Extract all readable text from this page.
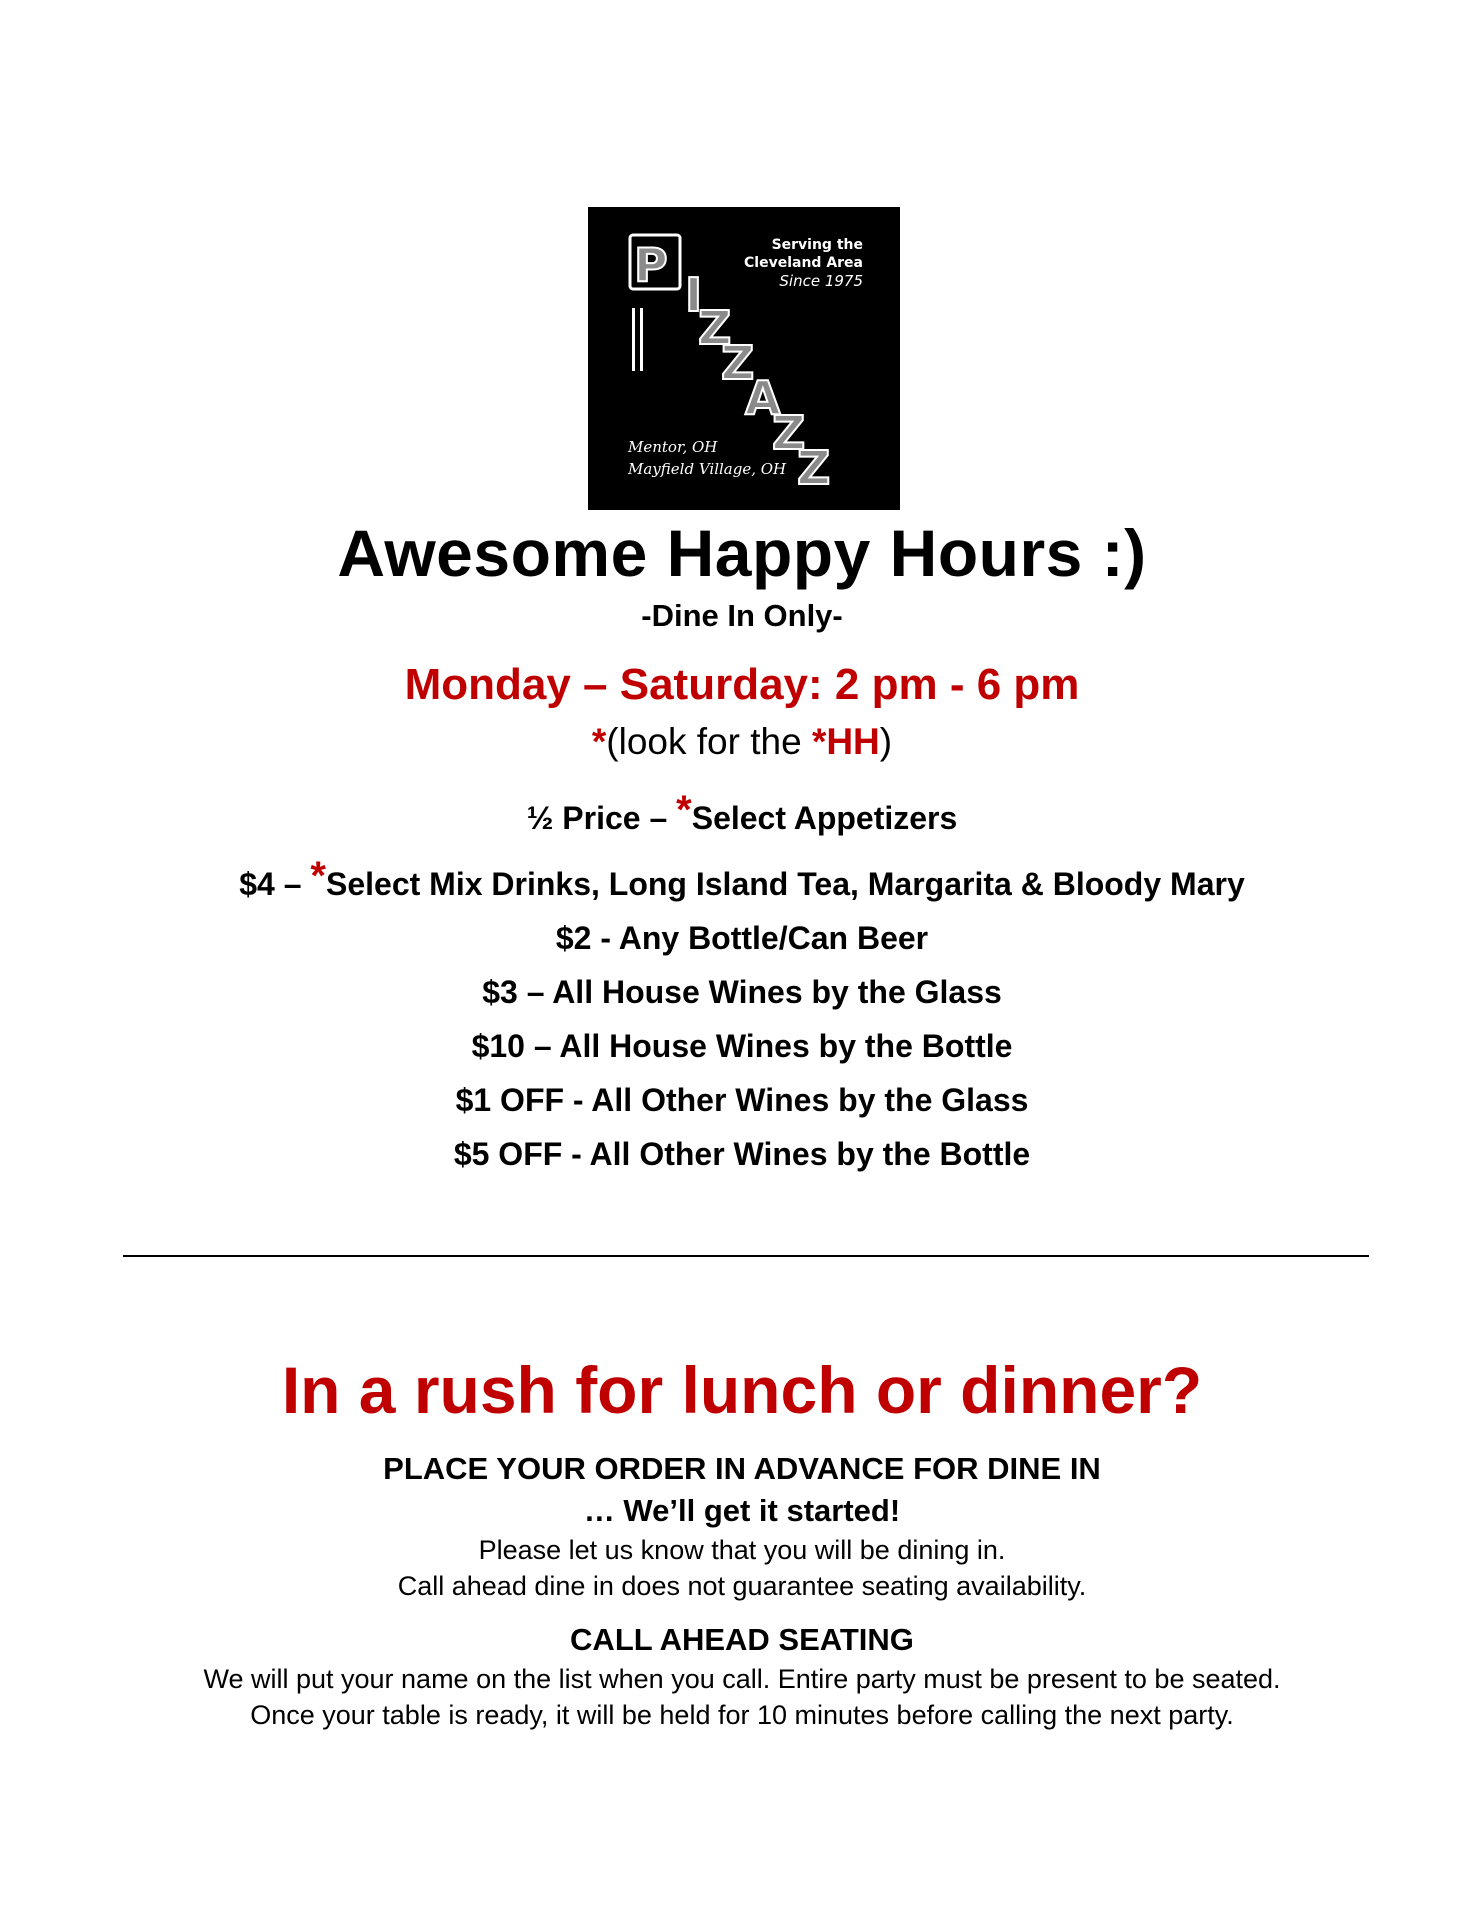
P
I
Z
Z
A
Z
Z
Serving the
Cleveland Area
Since 1975
Mentor, OH
Mayfield Village, OH
Awesome Happy Hours :)
-Dine In Only-
Monday – Saturday: 2 pm - 6 pm
*(look for the *HH)
½ Price – *Select Appetizers
$4 – *Select Mix Drinks, Long Island Tea, Margarita & Bloody Mary
$2 - Any Bottle/Can Beer
$3 – All House Wines by the Glass
$10 – All House Wines by the Bottle
$1 OFF - All Other Wines by the Glass
$5 OFF - All Other Wines by the Bottle
In a rush for lunch or dinner?
PLACE YOUR ORDER IN ADVANCE FOR DINE IN
… We’ll get it started!
Please let us know that you will be dining in.
Call ahead dine in does not guarantee seating availability.
CALL AHEAD SEATING
We will put your name on the list when you call. Entire party must be present to be seated.
Once your table is ready, it will be held for 10 minutes before calling the next party.
